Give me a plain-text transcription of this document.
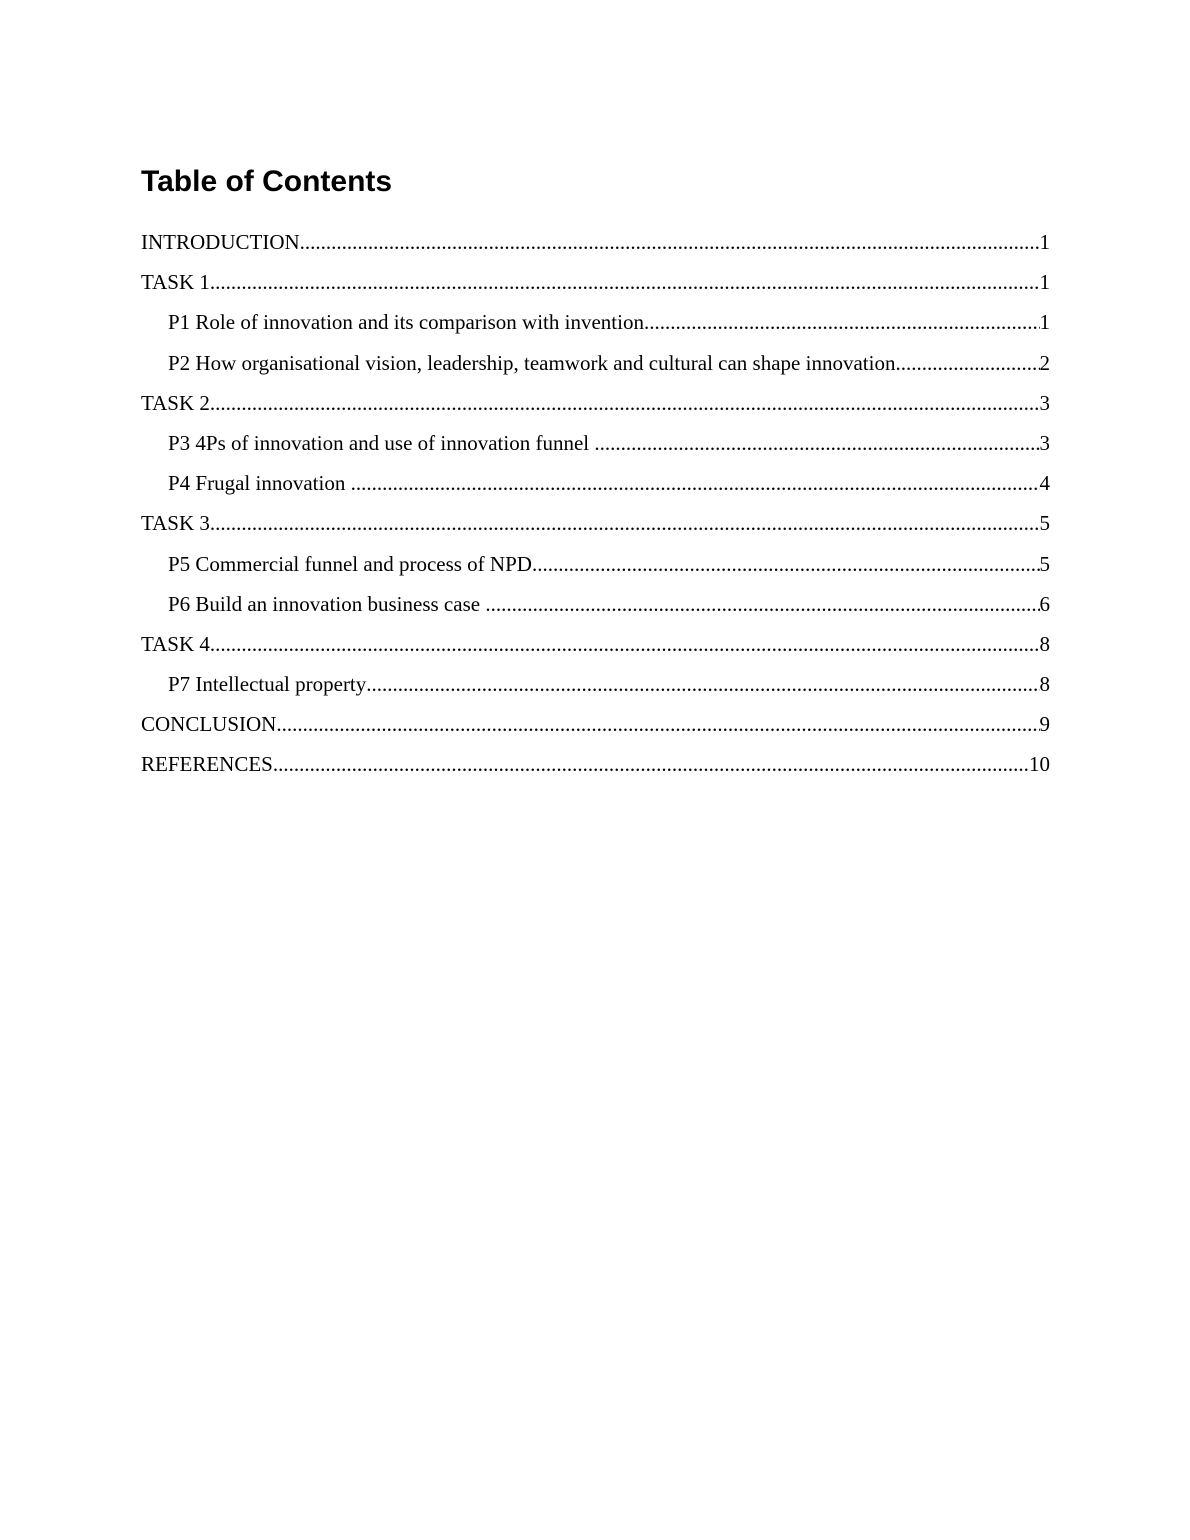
Table of Contents
INTRODUCTION .....	1
TASK 1 .....	1
P1 Role of innovation and its comparison with invention .....	1
P2 How organisational vision, leadership, teamwork and cultural can shape innovation .....	2
TASK 2 .....	3
P3 4Ps of innovation and use of innovation funnel .....	3
P4 Frugal innovation .....	4
TASK 3 .....	5
P5 Commercial funnel and process of NPD .....	5
P6 Build an innovation business case .....	6
TASK 4 .....	8
P7 Intellectual property .....	8
CONCLUSION .....	9
REFERENCES .....	10
